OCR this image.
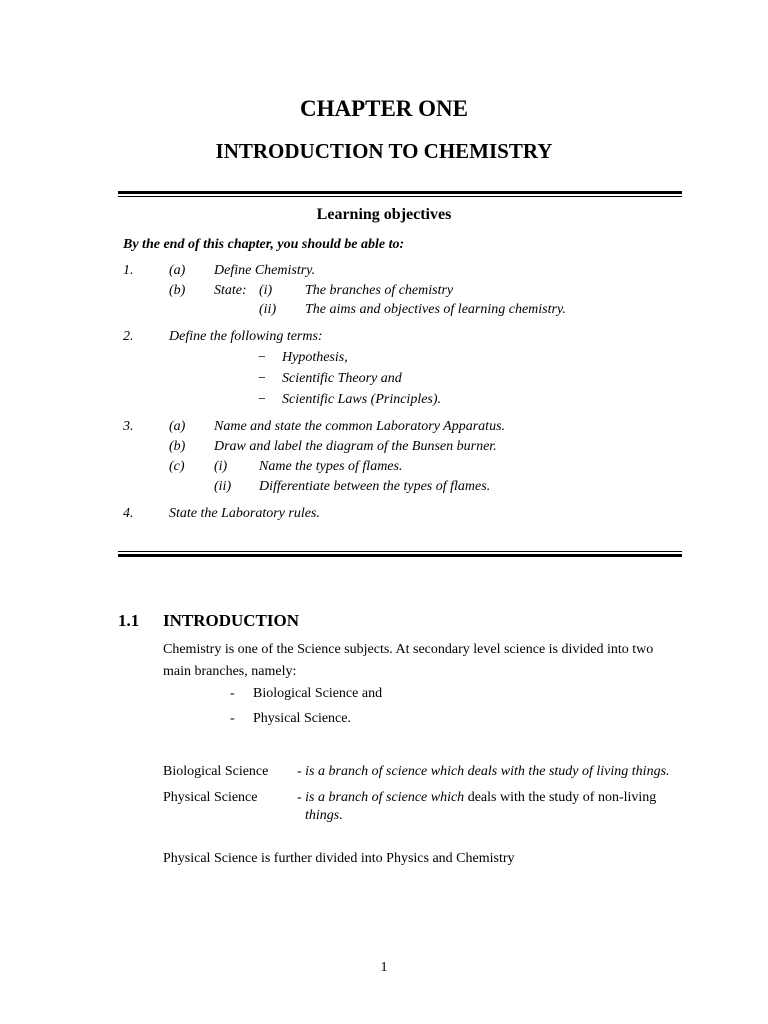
CHAPTER ONE
INTRODUCTION TO CHEMISTRY
Learning objectives
By the end of this chapter, you should be able to:
1.	(a) Define Chemistry.
(b) State: (i) The branches of chemistry
(ii) The aims and objectives of learning chemistry.
2.	Define the following terms:
− Hypothesis,
− Scientific Theory and
− Scientific Laws (Principles).
3.	(a) Name and state the common Laboratory Apparatus.
(b) Draw and label the diagram of the Bunsen burner.
(c) (i) Name the types of flames.
(ii) Differentiate between the types of flames.
4.	State the Laboratory rules.
1.1 INTRODUCTION
Chemistry is one of the Science subjects. At secondary level science is divided into two
main branches, namely:
- Biological Science and
- Physical Science.
Biological Science - is a branch of science which deals with the study of living things.
Physical Science	- is a branch of science which deals with the study of non-living
things.
Physical Science is further divided into Physics and Chemistry
1
